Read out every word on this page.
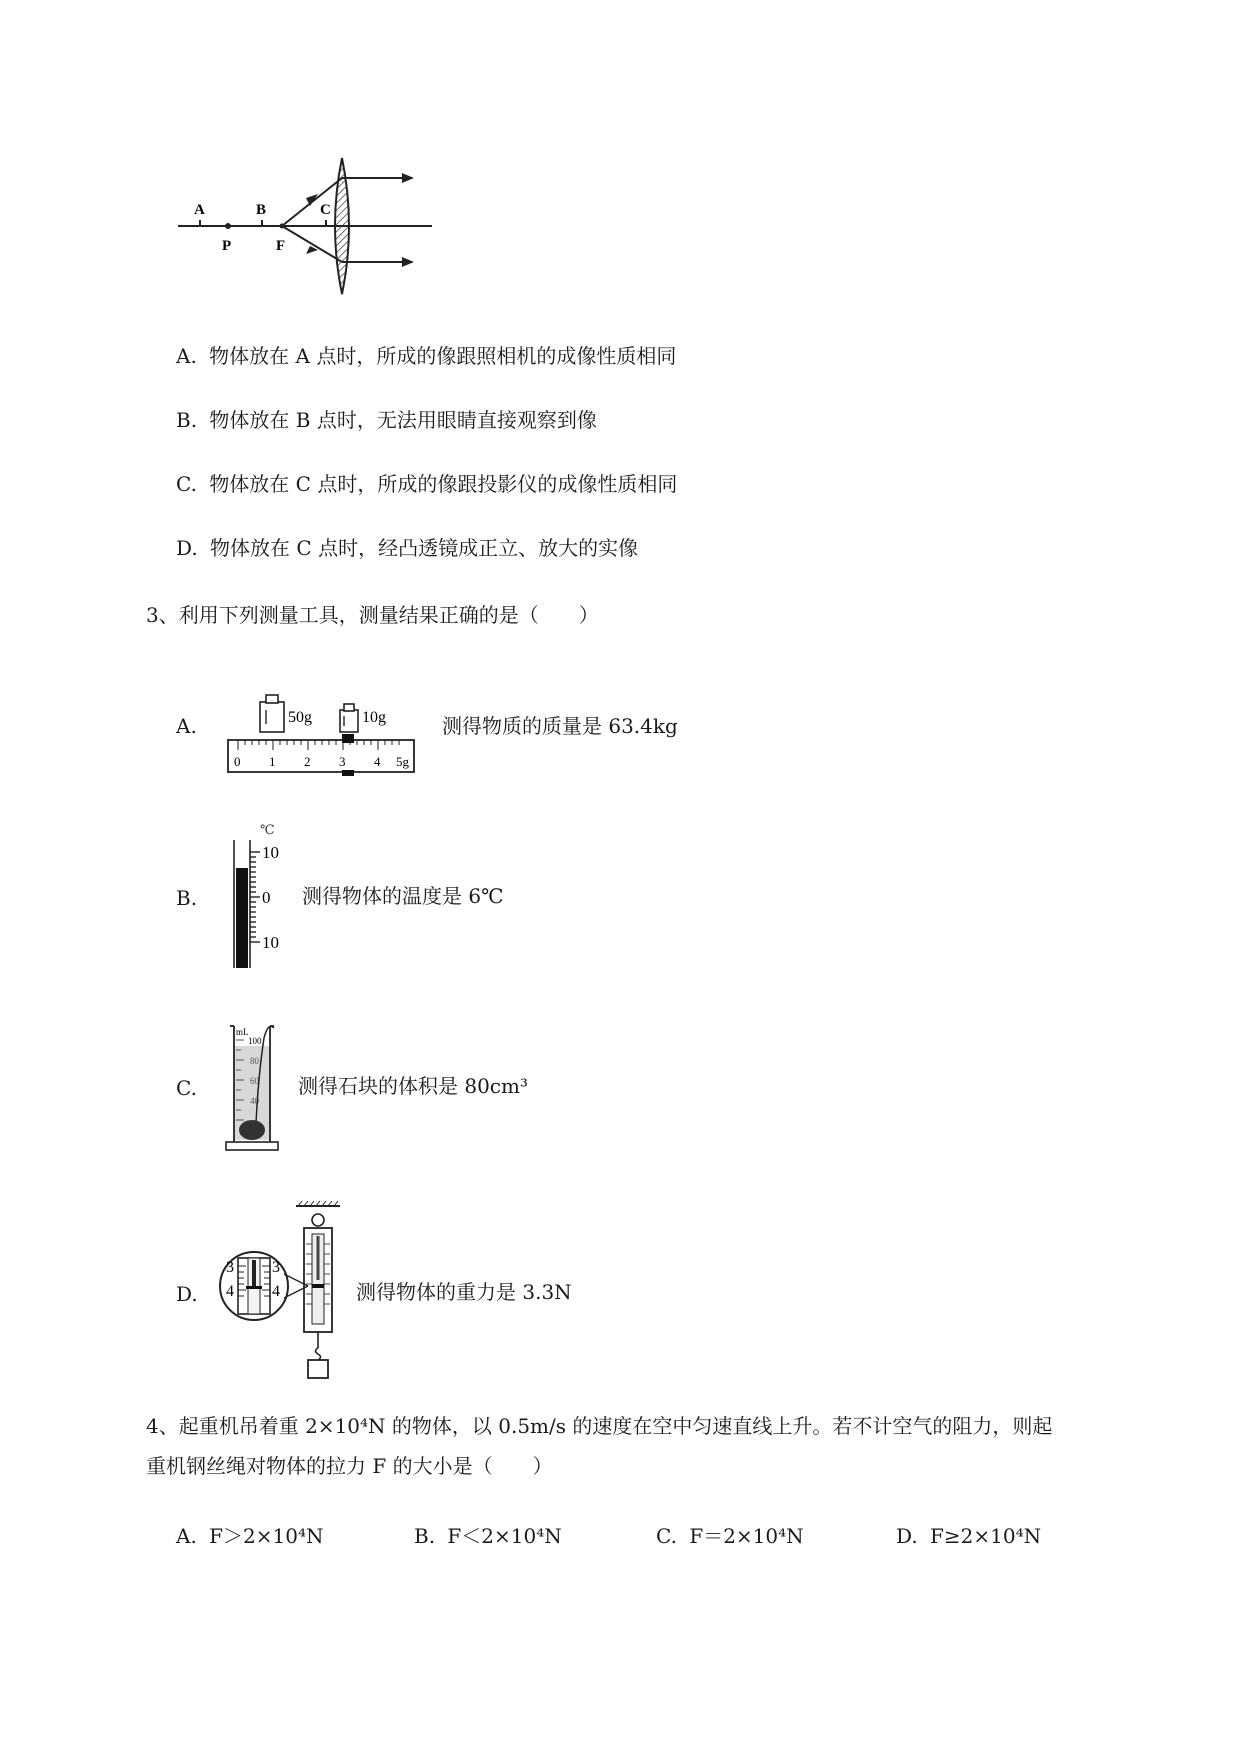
A	B	C
P	F
A. 物体放在 A 点时，所成的像跟照相机的成像性质相同
B. 物体放在 B 点时，无法用眼睛直接观察到像
C. 物体放在 C 点时，所成的像跟投影仪的成像性质相同
D. 物体放在 C 点时，经凸透镜成正立、放大的实像
3、利用下列测量工具，测量结果正确的是（　　）
A.	50g	10g
0 1 2 3 4 5g
测得物质的质量是 63.4kg
B.
℃
10
0
10
测得物体的温度是 6℃
C.
mL
100
80
60
40
测得石块的体积是 80cm³
D.
3
4
3
4	测得物体的重力是 3.3N
4、起重机吊着重 2×10⁴N 的物体，以 0.5m/s 的速度在空中匀速直线上升。若不计空气的阻力，则起
重机钢丝绳对物体的拉力 F 的大小是（　　）
A. F＞2×10⁴N	B. F＜2×10⁴N	C. F＝2×10⁴N	D. F≥2×10⁴N
